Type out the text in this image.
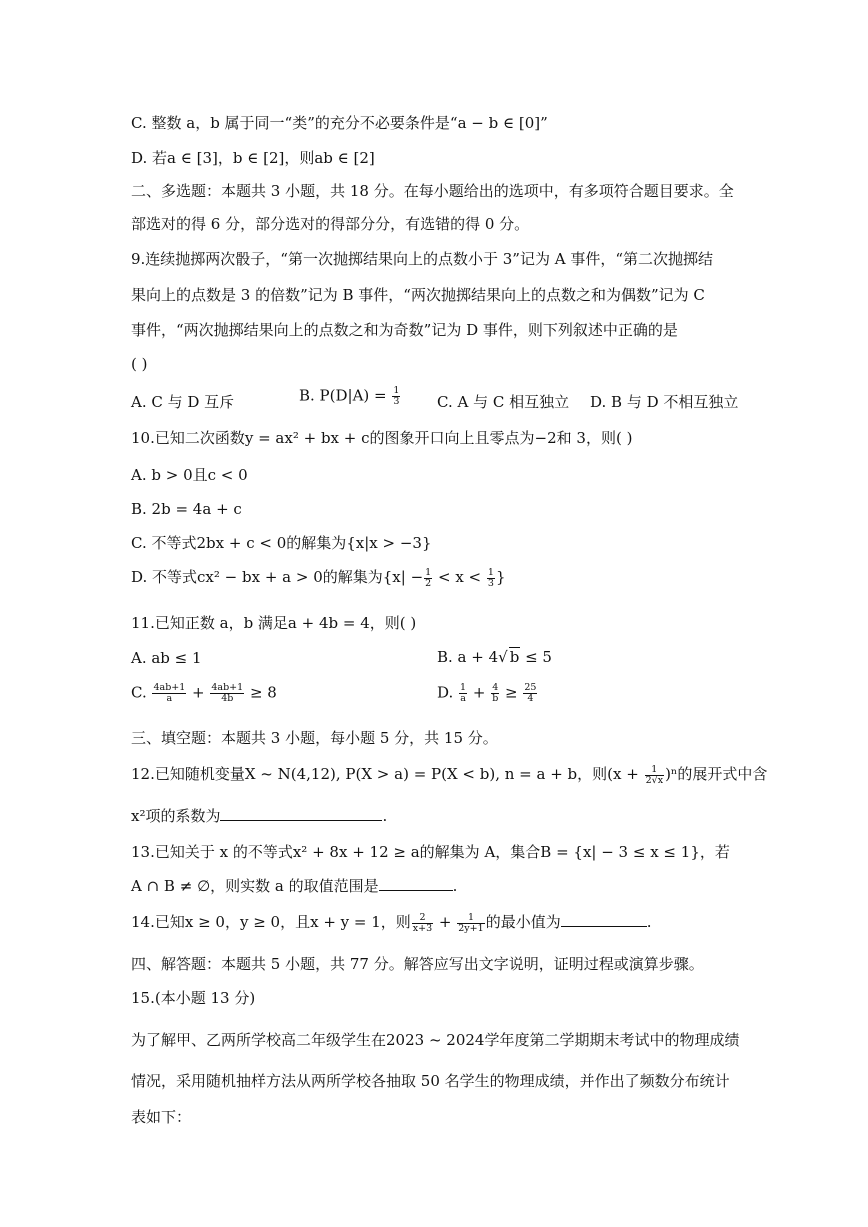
C. 整数 a，b 属于同一“类”的充分不必要条件是“a − b ∈ [0]”
D. 若a ∈ [3]，b ∈ [2]，则ab ∈ [2]
二、多选题：本题共 3 小题，共 18 分。在每小题给出的选项中，有多项符合题目要求。全
部选对的得 6 分，部分选对的得部分分，有选错的得 0 分。
9.连续抛掷两次骰子，“第一次抛掷结果向上的点数小于 3”记为 A 事件，“第二次抛掷结
果向上的点数是 3 的倍数”记为 B 事件，“两次抛掷结果向上的点数之和为偶数”记为 C
事件，“两次抛掷结果向上的点数之和为奇数”记为 D 事件，则下列叙述中正确的是
( )
A. C 与 D 互斥	B. $P(D|A) = \frac{1}{3} C$. A 与 C 相互独立 D. B 与 D 不相互独立
10.已知二次函数y = ax² + bx + c的图象开口向上且零点为−2和 3，则( )
A. b > 0且c < 0
B. 2b = 4a + c
C. 不等式2bx + c < 0的解集为{x|x > −3}
D. 不等式cx² − bx + a > 0的解集为{$x| - \frac{1}{2} < x < \frac{1}{3}$ }
11.已知正数 a，b 满足a + 4b = 4，则( )
A. ab ≤ 1	B. a + 4√ b ≤ 5
C. $\frac{4ab+1}{a} + \frac{4ab+1}{4b} \ge 8$	D. $\frac{1}{a} + \frac{4}{b} \ge \frac{25}{4}$
三、填空题：本题共 3 小题，每小题 5 分，共 15 分。
12.已知随机变量X ~ N(4,12), P(X > a) = P(X < b), n = a + b，则$(x + \frac{1}{2√x} )^n$的展开式中含
x²项的系数为	.
13.已知关于 x 的不等式x² + 8x + 12 ≥ a的解集为 A，集合B = {x| − 3 ≤ x ≤ 1}，若
A ∩ B ≠ ∅，则实数 a 的取值范围是	.
14.已知x ≥ 0，y ≥ 0，且x + y = 1，则 $\frac{2}{x+3} + \frac{1}{2y+1}$ 的最小值为	.
四、解答题：本题共 5 小题，共 77 分。解答应写出文字说明，证明过程或演算步骤。
15.(本小题 13 分)
为了解甲、乙两所学校高二年级学生在2023 ~ 2024学年度第二学期期末考试中的物理成绩
情况，采用随机抽样方法从两所学校各抽取 50 名学生的物理成绩，并作出了频数分布统计
表如下：
